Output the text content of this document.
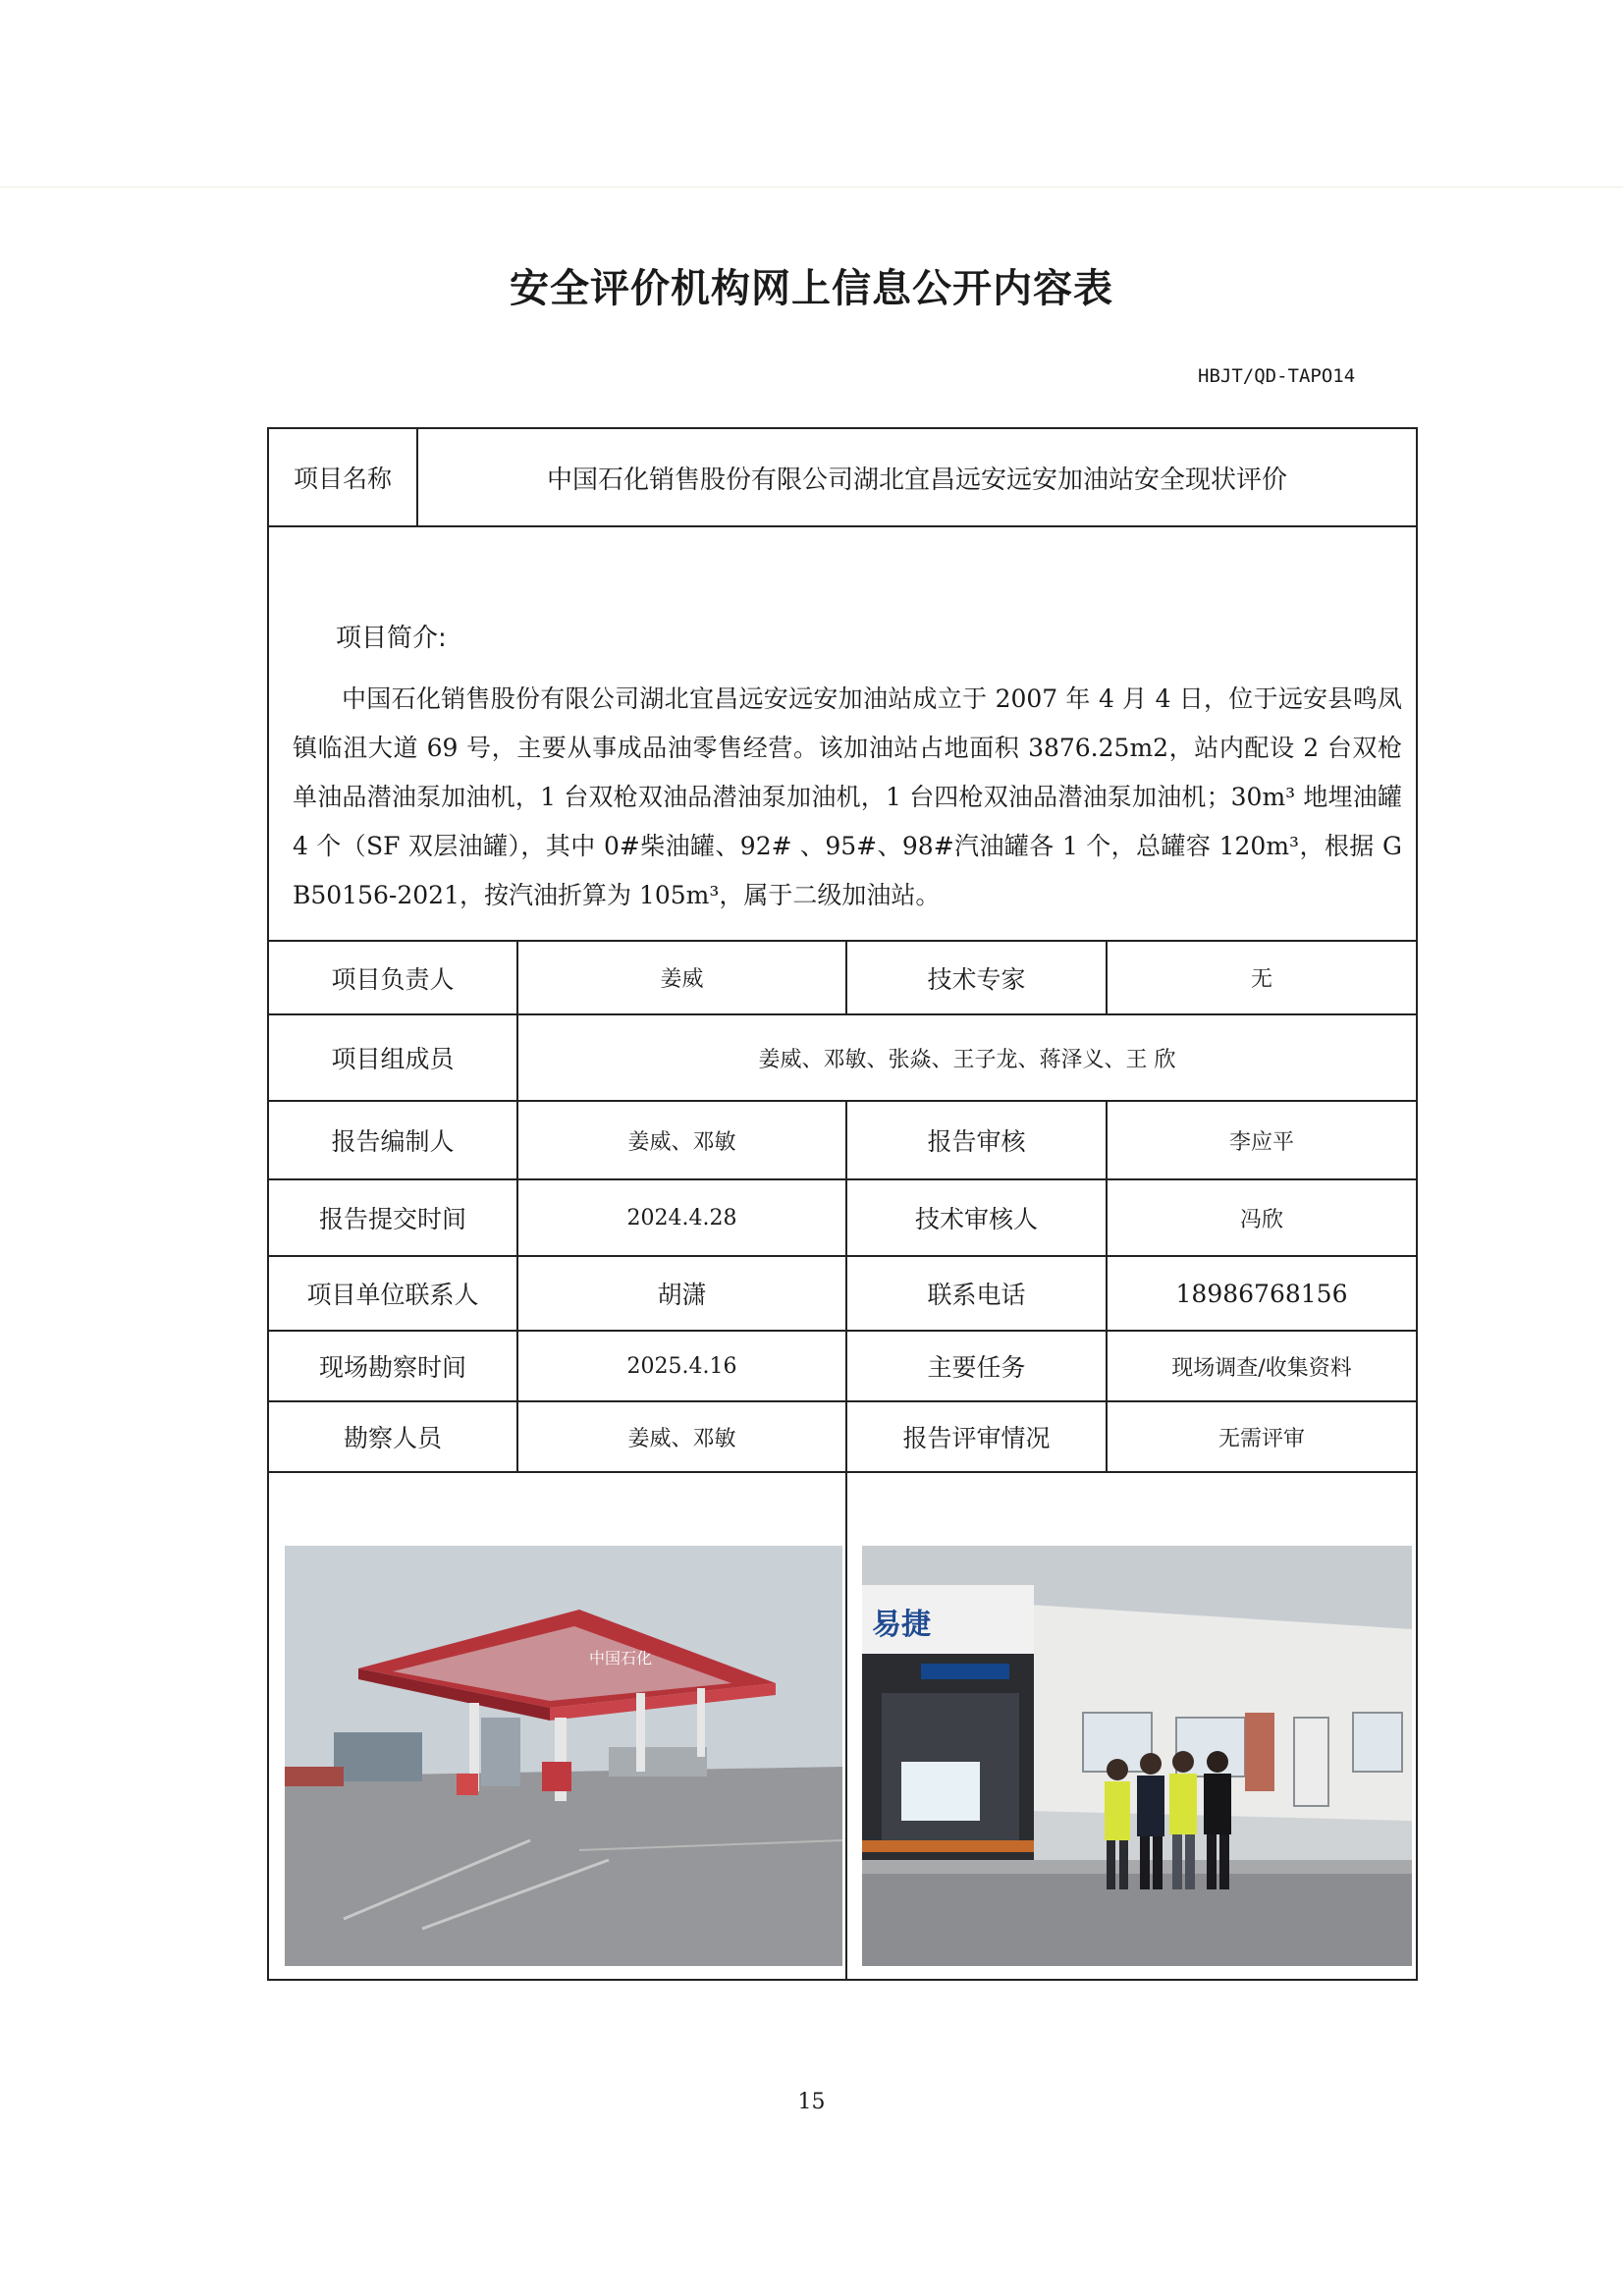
安全评价机构网上信息公开内容表
HBJT/QD-TAPO14
项目名称	中国石化销售股份有限公司湖北宜昌远安远安加油站安全现状评价
项目简介:
中国石化销售股份有限公司湖北宜昌远安远安加油站成立于 2007 年 4 月 4 日，位于远安县鸣凤镇临沮大道 69 号，主要从事成品油零售经营。该加油站占地面积 3876.25m2，站内配设 2 台双枪单油品潜油泵加油机，1 台双枪双油品潜油泵加油机，1 台四枪双油品潜油泵加油机；30m³ 地埋油罐 4 个（SF 双层油罐），其中 0#柴油罐、92# 、95#、98#汽油罐各 1 个，总罐容 120m³，根据 GB50156-2021，按汽油折算为 105m³，属于二级加油站。
项目负责人	姜威	技术专家	无
项目组成员	姜威、邓敏、张焱、王子龙、蒋泽义、王 欣
报告编制人	姜威、邓敏	报告审核	李应平
报告提交时间	2024.4.28	技术审核人	冯欣
项目单位联系人	胡潇	联系电话	18986768156
现场勘察时间	2025.4.16	主要任务	现场调查/收集资料
勘察人员	姜威、邓敏	报告评审情况	无需评审
中国石化
易捷
15
